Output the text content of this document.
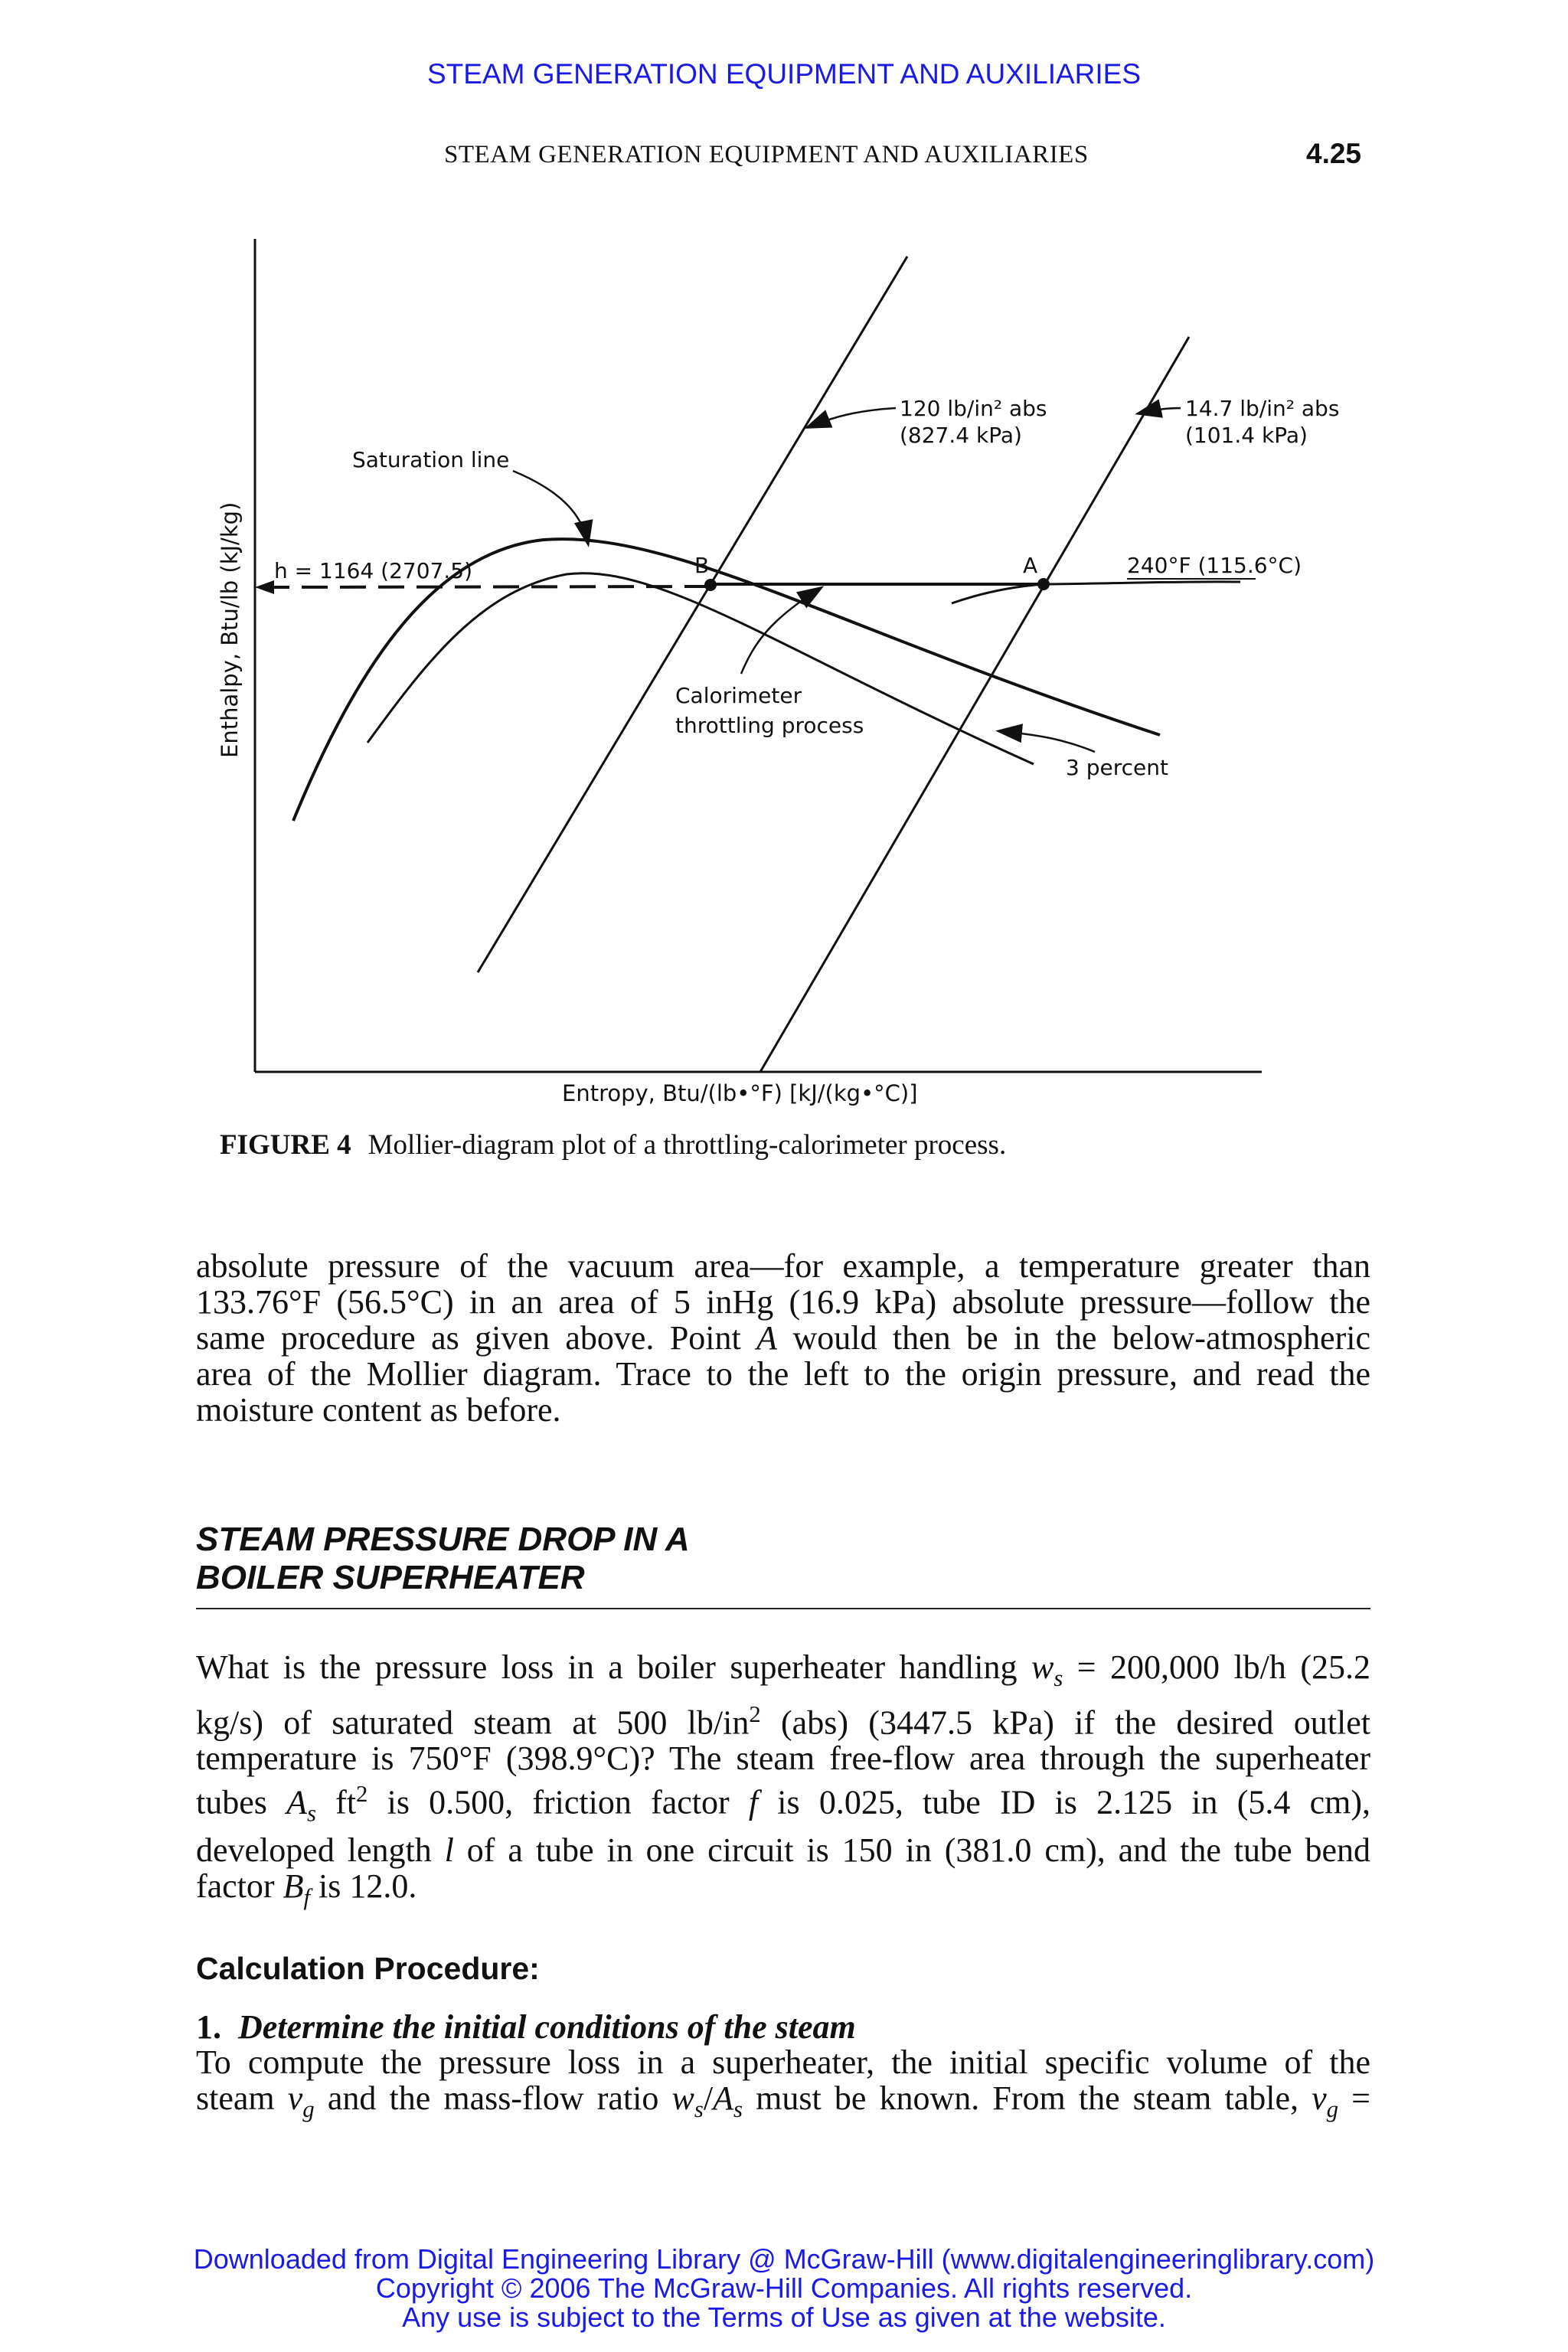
STEAM GENERATION EQUIPMENT AND AUXILIARIES
STEAM GENERATION EQUIPMENT AND AUXILIARIES	4.25
Enthalpy, Btu/lb (kJ/kg)
Saturation line
h = 1164 (2707.5)
120 lb/in² abs
(827.4 kPa)
14.7 lb/in² abs
(101.4 kPa)
B	A	240°F (115.6°C)
Calorimeter
throttling process
3 percent
Entropy, Btu/(lb•°F) [kJ/(kg•°C)]
FIGURE 4 Mollier-diagram plot of a throttling-calorimeter process.
absolute pressure of the vacuum area—for example, a temperature greater than
133.76°F (56.5°C) in an area of 5 inHg (16.9 kPa) absolute pressure—follow the
same procedure as given above. Point A would then be in the below-atmospheric
area of the Mollier diagram. Trace to the left to the origin pressure, and read the
moisture content as before.
STEAM PRESSURE DROP IN A
BOILER SUPERHEATER
What is the pressure loss in a boiler superheater handling $w_s = 200,000$ lb/h (25.2
kg/s) of saturated steam at 500 $lb/in^2$ (abs) (3447.5 kPa) if the desired outlet
temperature is 750°F (398.9°C)? The steam free-flow area through the superheater
tubes $A_s$ $ft^2$ is 0.500, friction factor f is 0.025, tube ID is 2.125 in (5.4 cm),
developed length l of a tube in one circuit is 150 in (381.0 cm), and the tube bend
factor $B_f$ is 12.0.
Calculation Procedure:
1. Determine the initial conditions of the steam
To compute the pressure loss in a superheater, the initial specific volume of the
steam $v_g$ and the mass-flow ratio $w_s/A_s$ must be known. From the steam table, $v_g$ =
Downloaded from Digital Engineering Library @ McGraw-Hill (www.digitalengineeringlibrary.com)
Copyright © 2006 The McGraw-Hill Companies. All rights reserved.
Any use is subject to the Terms of Use as given at the website.
